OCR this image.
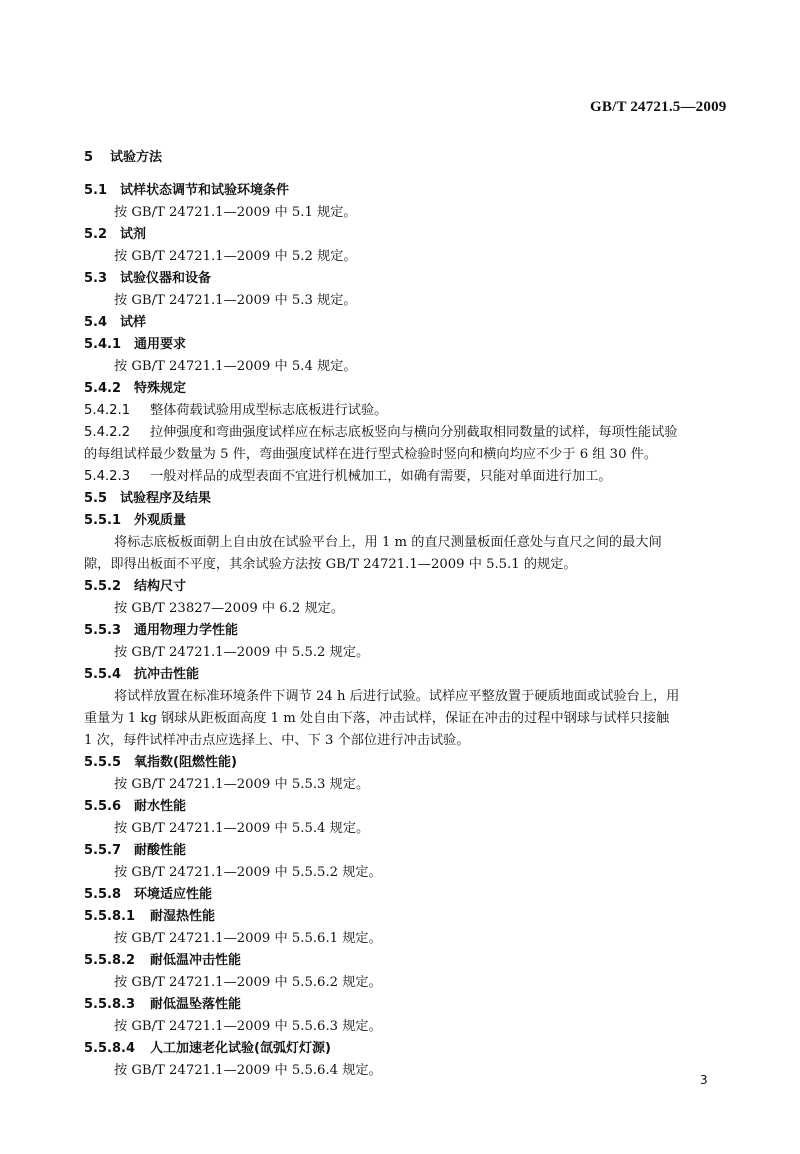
GB/T 24721.5—2009
5 试验方法
5.1 试样状态调节和试验环境条件
按 GB/T 24721.1—2009 中 5.1 规定。
5.2 试剂
按 GB/T 24721.1—2009 中 5.2 规定。
5.3 试验仪器和设备
按 GB/T 24721.1—2009 中 5.3 规定。
5.4 试样
5.4.1 通用要求
按 GB/T 24721.1—2009 中 5.4 规定。
5.4.2 特殊规定
5.4.2.1 整体荷载试验用成型标志底板进行试验。
5.4.2.2 拉伸强度和弯曲强度试样应在标志底板竖向与横向分别截取相同数量的试样，每项性能试验
的每组试样最少数量为 5 件，弯曲强度试样在进行型式检验时竖向和横向均应不少于 6 组 30 件。
5.4.2.3 一般对样品的成型表面不宜进行机械加工，如确有需要，只能对单面进行加工。
5.5 试验程序及结果
5.5.1 外观质量
将标志底板板面朝上自由放在试验平台上，用 1 m 的直尺测量板面任意处与直尺之间的最大间
隙，即得出板面不平度，其余试验方法按 GB/T 24721.1—2009 中 5.5.1 的规定。
5.5.2 结构尺寸
按 GB/T 23827—2009 中 6.2 规定。
5.5.3 通用物理力学性能
按 GB/T 24721.1—2009 中 5.5.2 规定。
5.5.4 抗冲击性能
将试样放置在标准环境条件下调节 24 h 后进行试验。试样应平整放置于硬质地面或试验台上，用
重量为 1 kg 钢球从距板面高度 1 m 处自由下落，冲击试样，保证在冲击的过程中钢球与试样只接触
1 次，每件试样冲击点应选择上、中、下 3 个部位进行冲击试验。
5.5.5 氧指数(阻燃性能)
按 GB/T 24721.1—2009 中 5.5.3 规定。
5.5.6 耐水性能
按 GB/T 24721.1—2009 中 5.5.4 规定。
5.5.7 耐酸性能
按 GB/T 24721.1—2009 中 5.5.5.2 规定。
5.5.8 环境适应性能
5.5.8.1 耐湿热性能
按 GB/T 24721.1—2009 中 5.5.6.1 规定。
5.5.8.2 耐低温冲击性能
按 GB/T 24721.1—2009 中 5.5.6.2 规定。
5.5.8.3 耐低温坠落性能
按 GB/T 24721.1—2009 中 5.5.6.3 规定。
5.5.8.4 人工加速老化试验(氙弧灯灯源)
按 GB/T 24721.1—2009 中 5.5.6.4 规定。
3
